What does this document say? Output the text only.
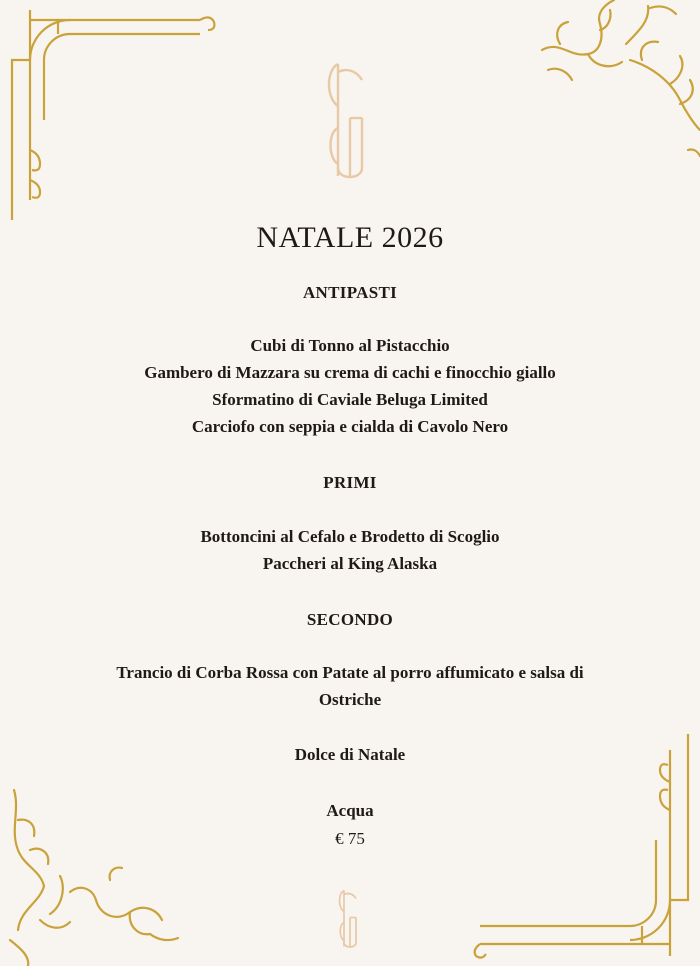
NATALE 2026
ANTIPASTI
Cubi di Tonno al Pistacchio
Gambero di Mazzara su crema di cachi e finocchio giallo
Sformatino di Caviale Beluga Limited
Carciofo con seppia e cialda di Cavolo Nero
PRIMI
Bottoncini al Cefalo e Brodetto di Scoglio
Paccheri al King Alaska
SECONDO
Trancio di Corba Rossa con Patate al porro affumicato e salsa di Ostriche
Dolce di Natale
Acqua
€ 75
